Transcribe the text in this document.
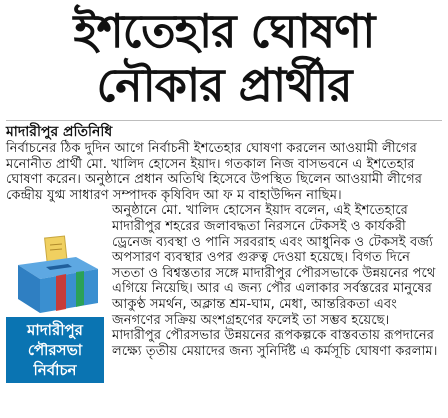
ইশতেহার ঘোষণা
নৌকার প্রার্থীর
মাদারীপুর প্রতিনিধি

নির্বাচনের ঠিক দুদিন আগে নির্বাচনী ইশতেহার ঘোষণা করলেন আওয়ামী লীগের মনোনীত প্রার্থী মো. খালিদ হোসেন ইয়াদ। গতকাল নিজ বাসভবনে এ ইশতেহার ঘোষণা করেন। অনুষ্ঠানে প্রধান অতিথি হিসেবে উপস্থিত ছিলেন আওয়ামী লীগের কেন্দ্রীয় যুগ্ম সাধারণ সম্পাদক কৃষিবিদ আ ফ ম বাহাউদ্দিন নাছিম।

মাদারীপুর
পৌরসভা
নির্বাচন

অনুষ্ঠানে মো. খালিদ হোসেন ইয়াদ বলেন, এই ইশতেহারে মাদারীপুর শহরের জলাবদ্ধতা নিরসনে টেকসই ও কার্যকরী ড্রেনেজ ব্যবস্থা ও পানি সরবরাহ এবং আধুনিক ও টেকসই বর্জ্য অপসারণ ব্যবস্থার ওপর গুরুত্ব দেওয়া হয়েছে। বিগত দিনে সততা ও বিশ্বস্ততার সঙ্গে মাদারীপুর পৌরসভাকে উন্নয়নের পথে এগিয়ে নিয়েছি। আর এ জন্য পৌর এলাকার সর্বস্তরের মানুষের আকুণ্ঠ সমর্থন, অক্লান্ত শ্রম-ঘাম, মেধা, আন্তরিকতা এবং জনগণের সক্রিয় অংশগ্রহণের ফলেই তা সম্ভব হয়েছে। মাদারীপুর পৌরসভার উন্নয়নের রূপকল্পকে বাস্তবতায় রূপদানের লক্ষ্যে তৃতীয় মেয়াদের জন্য সুনির্দিষ্ট এ কর্মসূচি ঘোষণা করলাম।
